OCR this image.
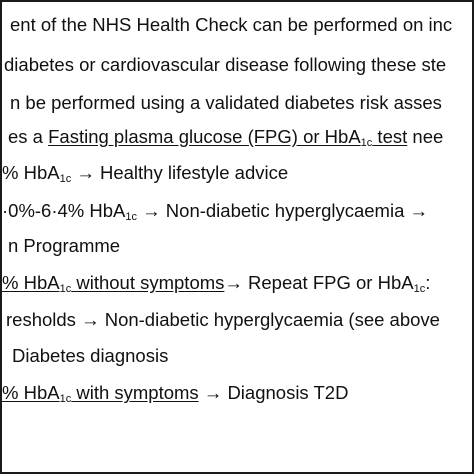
ent of the NHS Health Check can be performed on inc
diabetes or cardiovascular disease following these ste
n be performed using a validated diabetes risk asses
es a Fasting plasma glucose (FPG) or HbA$_{1c}$ test nee
% HbA$_{1c}$ → Healthy lifestyle advice
·0%-6·4% HbA$_{1c}$ → Non-diabetic hyperglycaemia →
n Programme
% HbA$_{1c}$ without symptoms→ Repeat FPG or HbA$_{1c}$:
resholds → Non-diabetic hyperglycaemia (see above
Diabetes diagnosis
% HbA$_{1c}$ with symptoms → Diagnosis T2D
